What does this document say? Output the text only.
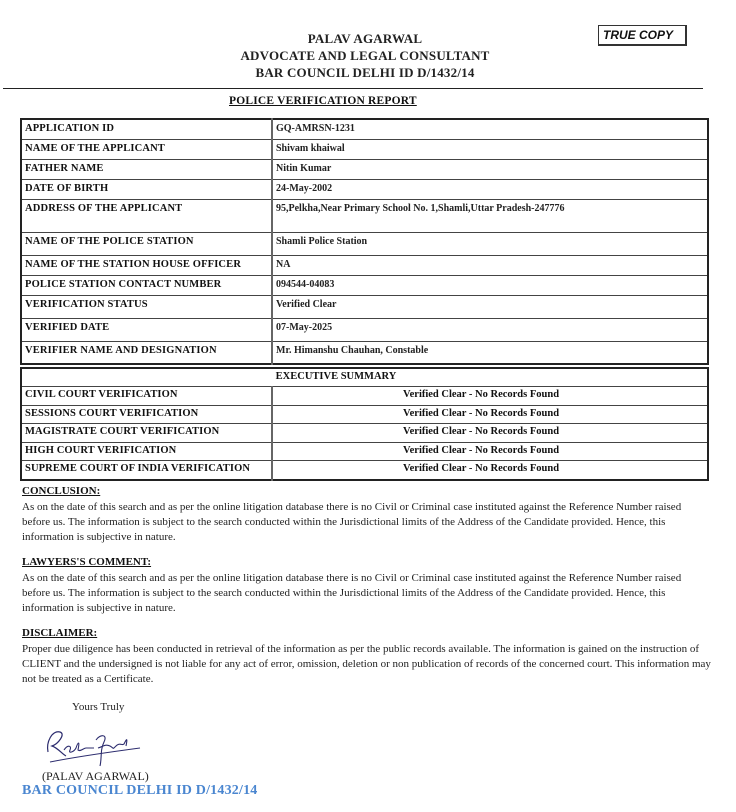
PALAV AGARWAL
ADVOCATE AND LEGAL CONSULTANT
BAR COUNCIL DELHI ID D/1432/14
TRUE COPY
POLICE VERIFICATION REPORT
APPLICATION ID	GQ-AMRSN-1231
NAME OF THE APPLICANT	Shivam khaiwal
FATHER NAME	Nitin Kumar
DATE OF BIRTH	24-May-2002
ADDRESS OF THE APPLICANT	95,Pelkha,Near Primary School No. 1,Shamli,Uttar Pradesh-247776
NAME OF THE POLICE STATION	Shamli Police Station
NAME OF THE STATION HOUSE OFFICER	NA
POLICE STATION CONTACT NUMBER	094544-04083
VERIFICATION STATUS	Verified Clear
VERIFIED DATE	07-May-2025
VERIFIER NAME AND DESIGNATION	Mr. Himanshu Chauhan, Constable
EXECUTIVE SUMMARY	
CIVIL COURT VERIFICATION	Verified Clear - No Records Found
SESSIONS COURT VERIFICATION	Verified Clear - No Records Found
MAGISTRATE COURT VERIFICATION	Verified Clear - No Records Found
HIGH COURT VERIFICATION	Verified Clear - No Records Found
SUPREME COURT OF INDIA VERIFICATION	Verified Clear - No Records Found
CONCLUSION:

As on the date of this search and as per the online litigation database there is no Civil or Criminal case instituted against the Reference Number raised before us. The information is subject to the search conducted within the Jurisdictional limits of the Address of the Candidate provided. Hence, this information is subjective in nature.

LAWYERS'S COMMENT:

As on the date of this search and as per the online litigation database there is no Civil or Criminal case instituted against the Reference Number raised before us. The information is subject to the search conducted within the Jurisdictional limits of the Address of the Candidate provided. Hence, this information is subjective in nature.

DISCLAIMER:

Proper due diligence has been conducted in retrieval of the information as per the public records available. The information is gained on the instruction of CLIENT and the undersigned is not liable for any act of error, omission, deletion or non publication of records of the concerned court. This information may not be treated as a Certificate.

Yours Truly
(PALAV AGARWAL)
BAR COUNCIL DELHI ID D/1432/14
